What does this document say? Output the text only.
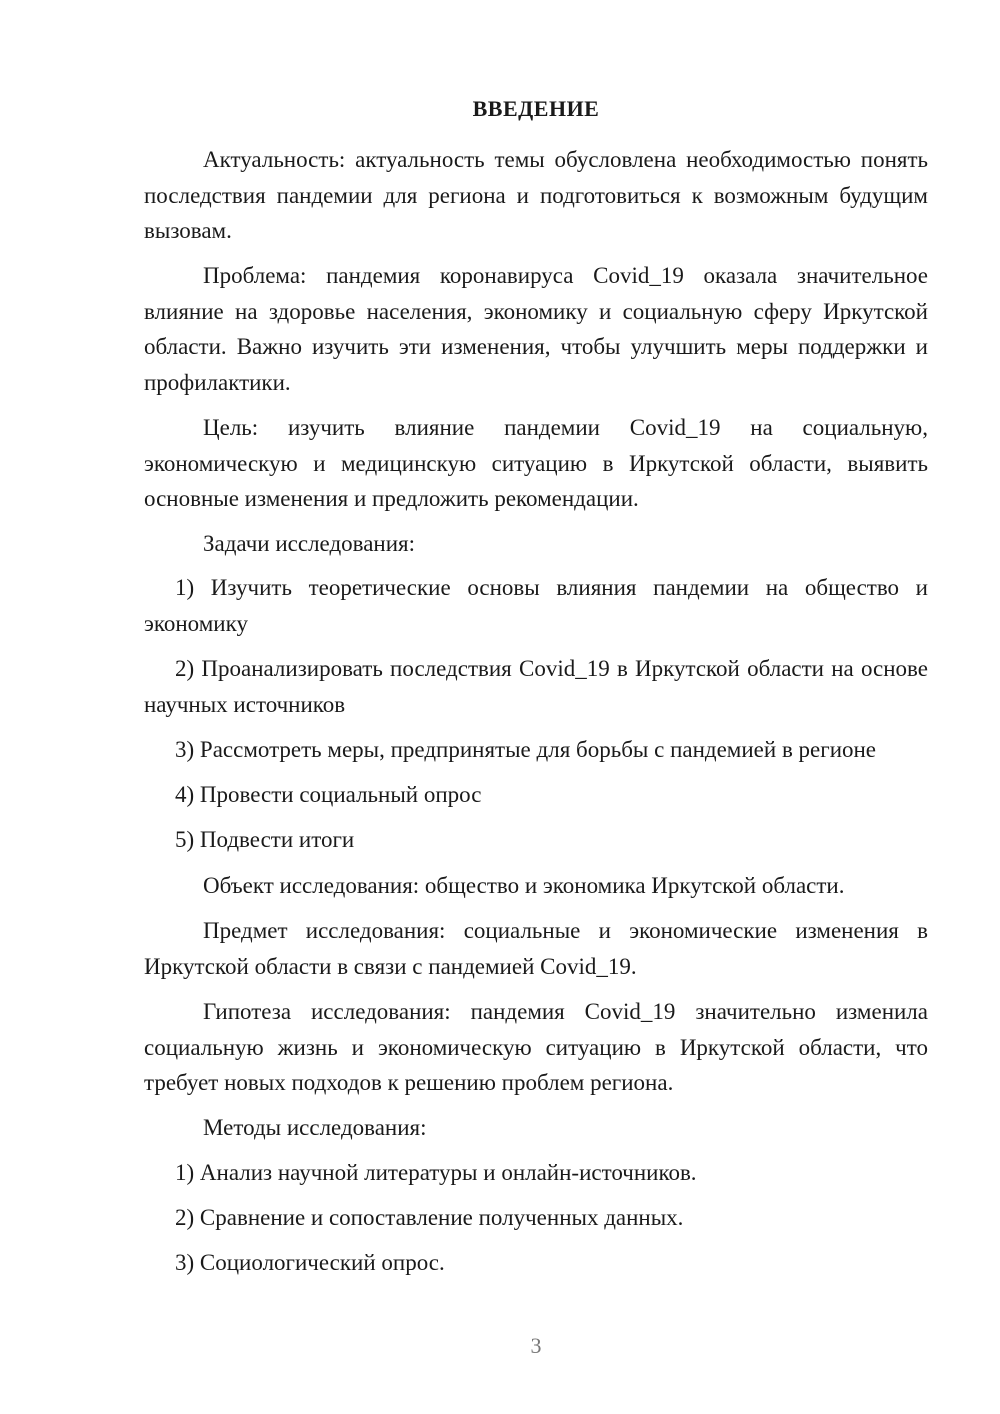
ВВЕДЕНИЕ
Актуальность: актуальность темы обусловлена необходимостью понять последствия пандемии для региона и подготовиться к возможным будущим вызовам.
Проблема: пандемия коронавируса Covid_19 оказала значительное влияние на здоровье населения, экономику и социальную сферу Иркутской области. Важно изучить эти изменения, чтобы улучшить меры поддержки и профилактики.
Цель: изучить влияние пандемии Covid_19 на социальную, экономическую и медицинскую ситуацию в Иркутской области, выявить основные изменения и предложить рекомендации.
Задачи исследования:
1) Изучить теоретические основы влияния пандемии на общество и экономику
2) Проанализировать последствия Covid_19 в Иркутской области на основе научных источников
3) Рассмотреть меры, предпринятые для борьбы с пандемией в регионе
4) Провести социальный опрос
5) Подвести итоги
Объект исследования: общество и экономика Иркутской области.
Предмет исследования: социальные и экономические изменения в Иркутской области в связи с пандемией Covid_19.
Гипотеза исследования: пандемия Covid_19 значительно изменила социальную жизнь и экономическую ситуацию в Иркутской области, что требует новых подходов к решению проблем региона.
Методы исследования:
1) Анализ научной литературы и онлайн-источников.
2) Сравнение и сопоставление полученных данных.
3) Социологический опрос.
3
